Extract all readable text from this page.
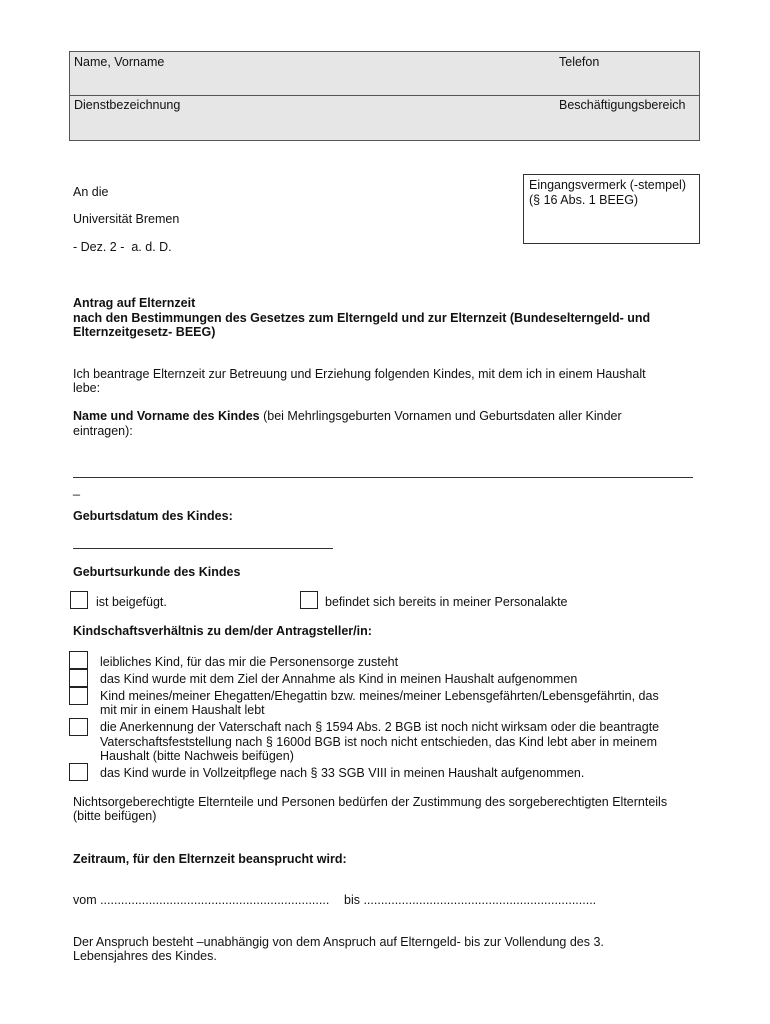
Name, Vorname	Telefon
Dienstbezeichnung	Beschäftigungsbereich
An die
Universität Bremen
- Dez. 2 -  a. d. D.
Eingangsvermerk (-stempel)
(§ 16 Abs. 1 BEEG)
Antrag auf Elternzeit
nach den Bestimmungen des Gesetzes zum Elterngeld und zur Elternzeit (Bundeselterngeld- und
Elternzeitgesetz- BEEG)
Ich beantrage Elternzeit zur Betreuung und Erziehung folgenden Kindes, mit dem ich in einem Haushalt
lebe:
Name und Vorname des Kindes (bei Mehrlingsgeburten Vornamen und Geburtsdaten aller Kinder
eintragen):
_
Geburtsdatum des Kindes:
Geburtsurkunde des Kindes
ist beigefügt.	befindet sich bereits in meiner Personalakte
Kindschaftsverhältnis zu dem/der Antragsteller/in:
leibliches Kind, für das mir die Personensorge zusteht
das Kind wurde mit dem Ziel der Annahme als Kind in meinen Haushalt aufgenommen
Kind meines/meiner Ehegatten/Ehegattin bzw. meines/meiner Lebensgefährten/Lebensgefährtin, das
mit mir in einem Haushalt lebt
die Anerkennung der Vaterschaft nach § 1594 Abs. 2 BGB ist noch nicht wirksam oder die beantragte
Vaterschaftsfeststellung nach § 1600d BGB ist noch nicht entschieden, das Kind lebt aber in meinem
Haushalt (bitte Nachweis beifügen)
das Kind wurde in Vollzeitpflege nach § 33 SGB VIII in meinen Haushalt aufgenommen.
Nichtsorgeberechtigte Elternteile und Personen bedürfen der Zustimmung des sorgeberechtigten Elternteils
(bitte beifügen)
Zeitraum, für den Elternzeit beansprucht wird:
vom .................................................................. bis ...................................................................
Der Anspruch besteht –unabhängig von dem Anspruch auf Elterngeld- bis zur Vollendung des 3.
Lebensjahres des Kindes.
